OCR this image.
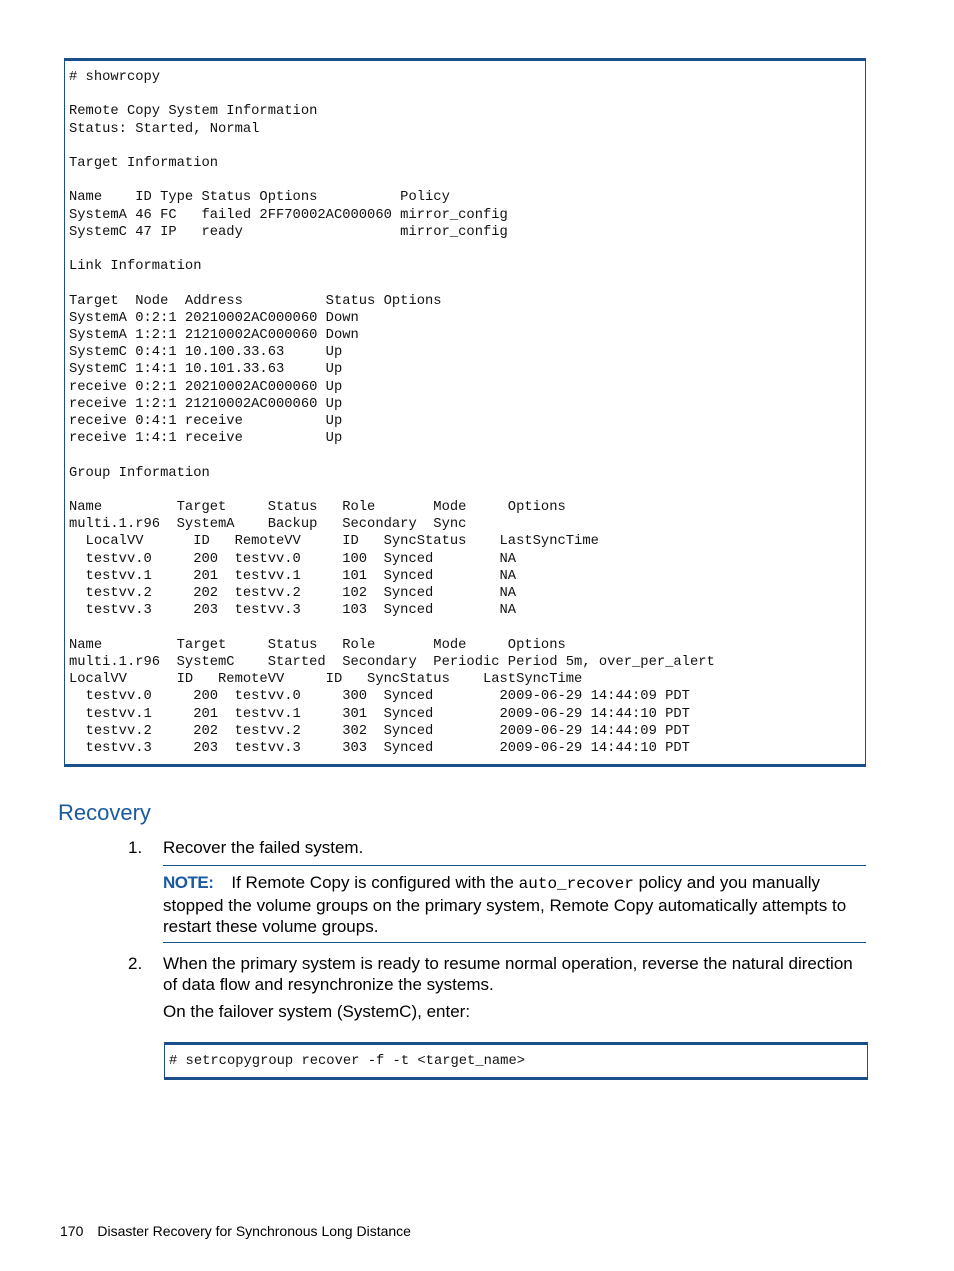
# showrcopy

Remote Copy System Information
Status: Started, Normal

Target Information

Name    ID Type Status Options          Policy
SystemA 46 FC   failed 2FF70002AC000060 mirror_config
SystemC 47 IP   ready                   mirror_config

Link Information

Target  Node  Address          Status Options
SystemA 0:2:1 20210002AC000060 Down
SystemA 1:2:1 21210002AC000060 Down
SystemC 0:4:1 10.100.33.63     Up
SystemC 1:4:1 10.101.33.63     Up
receive 0:2:1 20210002AC000060 Up
receive 1:2:1 21210002AC000060 Up
receive 0:4:1 receive          Up
receive 1:4:1 receive          Up

Group Information

Name         Target     Status   Role       Mode     Options
multi.1.r96  SystemA    Backup   Secondary  Sync
LocalVV      ID   RemoteVV     ID   SyncStatus    LastSyncTime
testvv.0     200  testvv.0     100  Synced        NA
testvv.1     201  testvv.1     101  Synced        NA
testvv.2     202  testvv.2     102  Synced        NA
testvv.3     203  testvv.3     103  Synced        NA

Name         Target     Status   Role       Mode     Options
multi.1.r96  SystemC    Started  Secondary  Periodic Period 5m, over_per_alert
LocalVV      ID   RemoteVV     ID   SyncStatus    LastSyncTime
testvv.0     200  testvv.0     300  Synced        2009-06-29 14:44:09 PDT
testvv.1     201  testvv.1     301  Synced        2009-06-29 14:44:10 PDT
testvv.2     202  testvv.2     302  Synced        2009-06-29 14:44:09 PDT
testvv.3     203  testvv.3     303  Synced        2009-06-29 14:44:10 PDT
Recovery
1. Recover the failed system.
NOTE: If Remote Copy is configured with the auto_recover policy and you manually stopped the volume groups on the primary system, Remote Copy automatically attempts to restart these volume groups.
2. When the primary system is ready to resume normal operation, reverse the natural direction of data flow and resynchronize the systems.
On the failover system (SystemC), enter:
# setrcopygroup recover -f -t <target_name>
170 Disaster Recovery for Synchronous Long Distance
